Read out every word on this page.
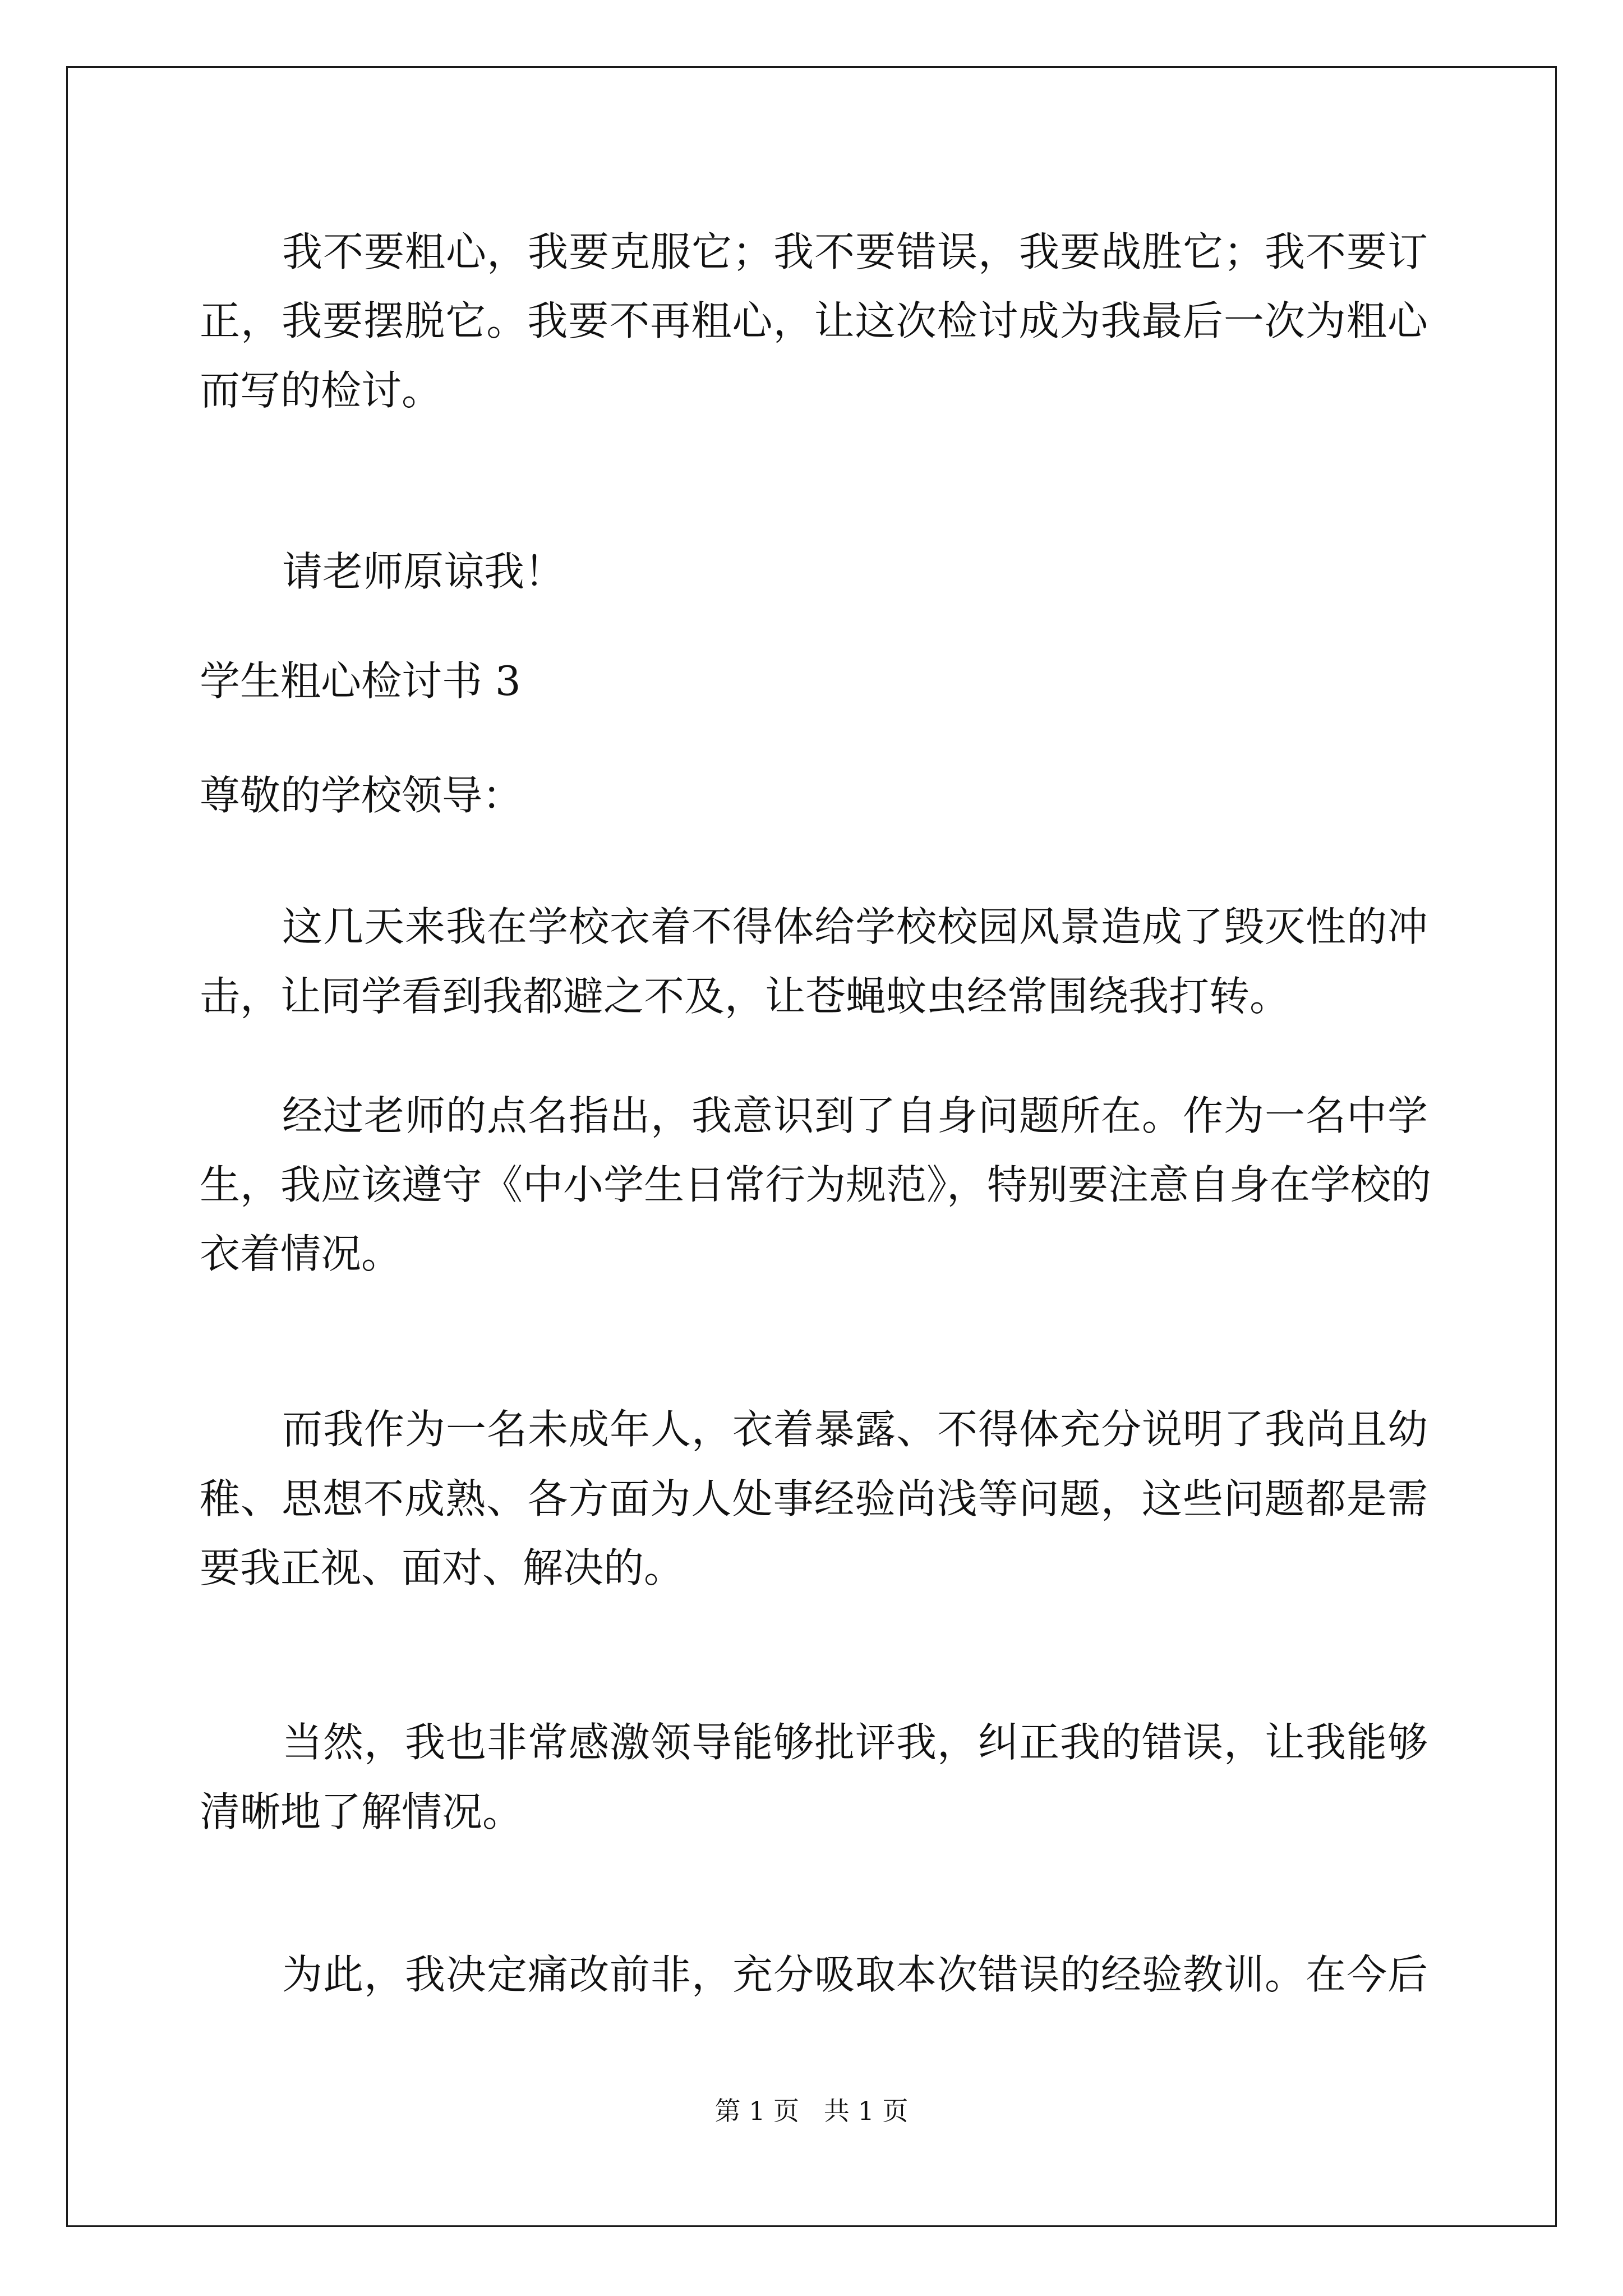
我不要粗心，我要克服它；我不要错误，我要战胜它；我不要订
正，我要摆脱它。我要不再粗心，让这次检讨成为我最后一次为粗心
而写的检讨。
请老师原谅我！
学生粗心检讨书 3
尊敬的学校领导：
这几天来我在学校衣着不得体给学校校园风景造成了毁灭性的冲
击，让同学看到我都避之不及，让苍蝇蚊虫经常围绕我打转。
经过老师的点名指出，我意识到了自身问题所在。作为一名中学
生，我应该遵守《中小学生日常行为规范》，特别要注意自身在学校的
衣着情况。
而我作为一名未成年人，衣着暴露、不得体充分说明了我尚且幼
稚、思想不成熟、各方面为人处事经验尚浅等问题，这些问题都是需
要我正视、面对、解决的。
当然，我也非常感激领导能够批评我，纠正我的错误，让我能够
清晰地了解情况。
为此，我决定痛改前非，充分吸取本次错误的经验教训。在今后
第 1 页   共 1 页
